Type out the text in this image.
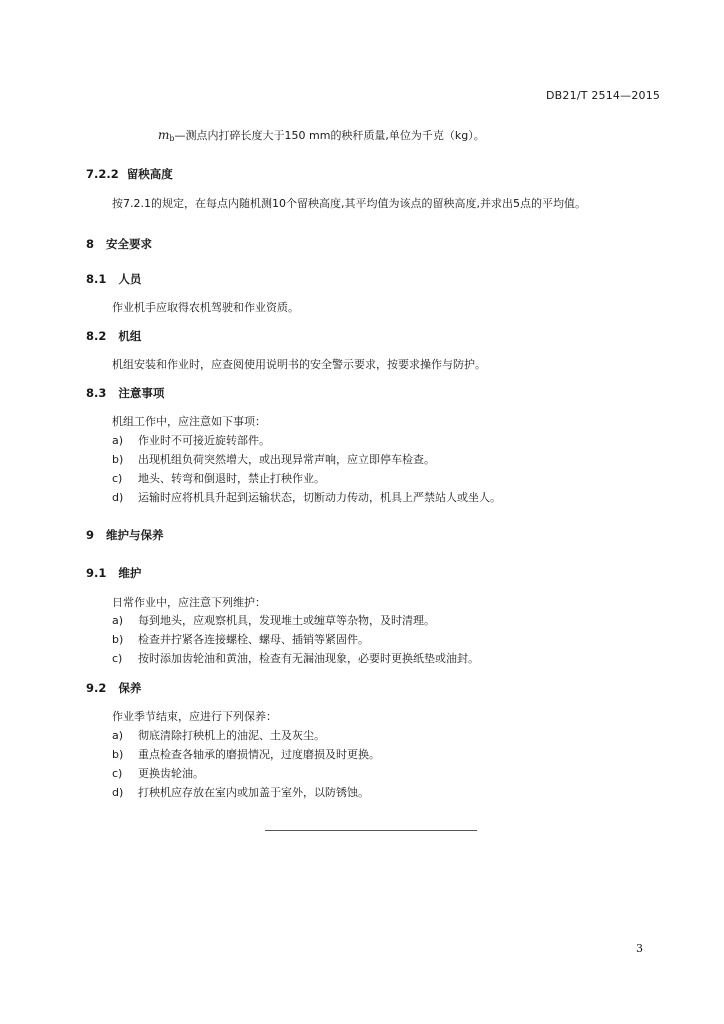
DB21/T 2514—2015
mb—测点内打碎长度大于150 mm的秧秆质量,单位为千克（kg）。
7.2.2 留秧高度
按7.2.1的规定，在每点内随机测10个留秧高度,其平均值为该点的留秧高度,并求出5点的平均值。
8 安全要求
8.1 人员
作业机手应取得农机驾驶和作业资质。
8.2 机组
机组安装和作业时，应查阅使用说明书的安全警示要求，按要求操作与防护。
8.3 注意事项
机组工作中，应注意如下事项：
a) 作业时不可接近旋转部件。
b) 出现机组负荷突然增大，或出现异常声响，应立即停车检查。
c) 地头、转弯和倒退时，禁止打秧作业。
d) 运输时应将机具升起到运输状态，切断动力传动，机具上严禁站人或坐人。
9 维护与保养
9.1 维护
日常作业中，应注意下列维护：
a) 每到地头，应观察机具，发现堆土或缠草等杂物，及时清理。
b) 检查并拧紧各连接螺栓、螺母、插销等紧固件。
c) 按时添加齿轮油和黄油，检查有无漏油现象，必要时更换纸垫或油封。
9.2 保养
作业季节结束，应进行下列保养：
a) 彻底清除打秧机上的油泥、土及灰尘。
b) 重点检查各轴承的磨损情况，过度磨损及时更换。
c) 更换齿轮油。
d) 打秧机应存放在室内或加盖于室外，以防锈蚀。
3
